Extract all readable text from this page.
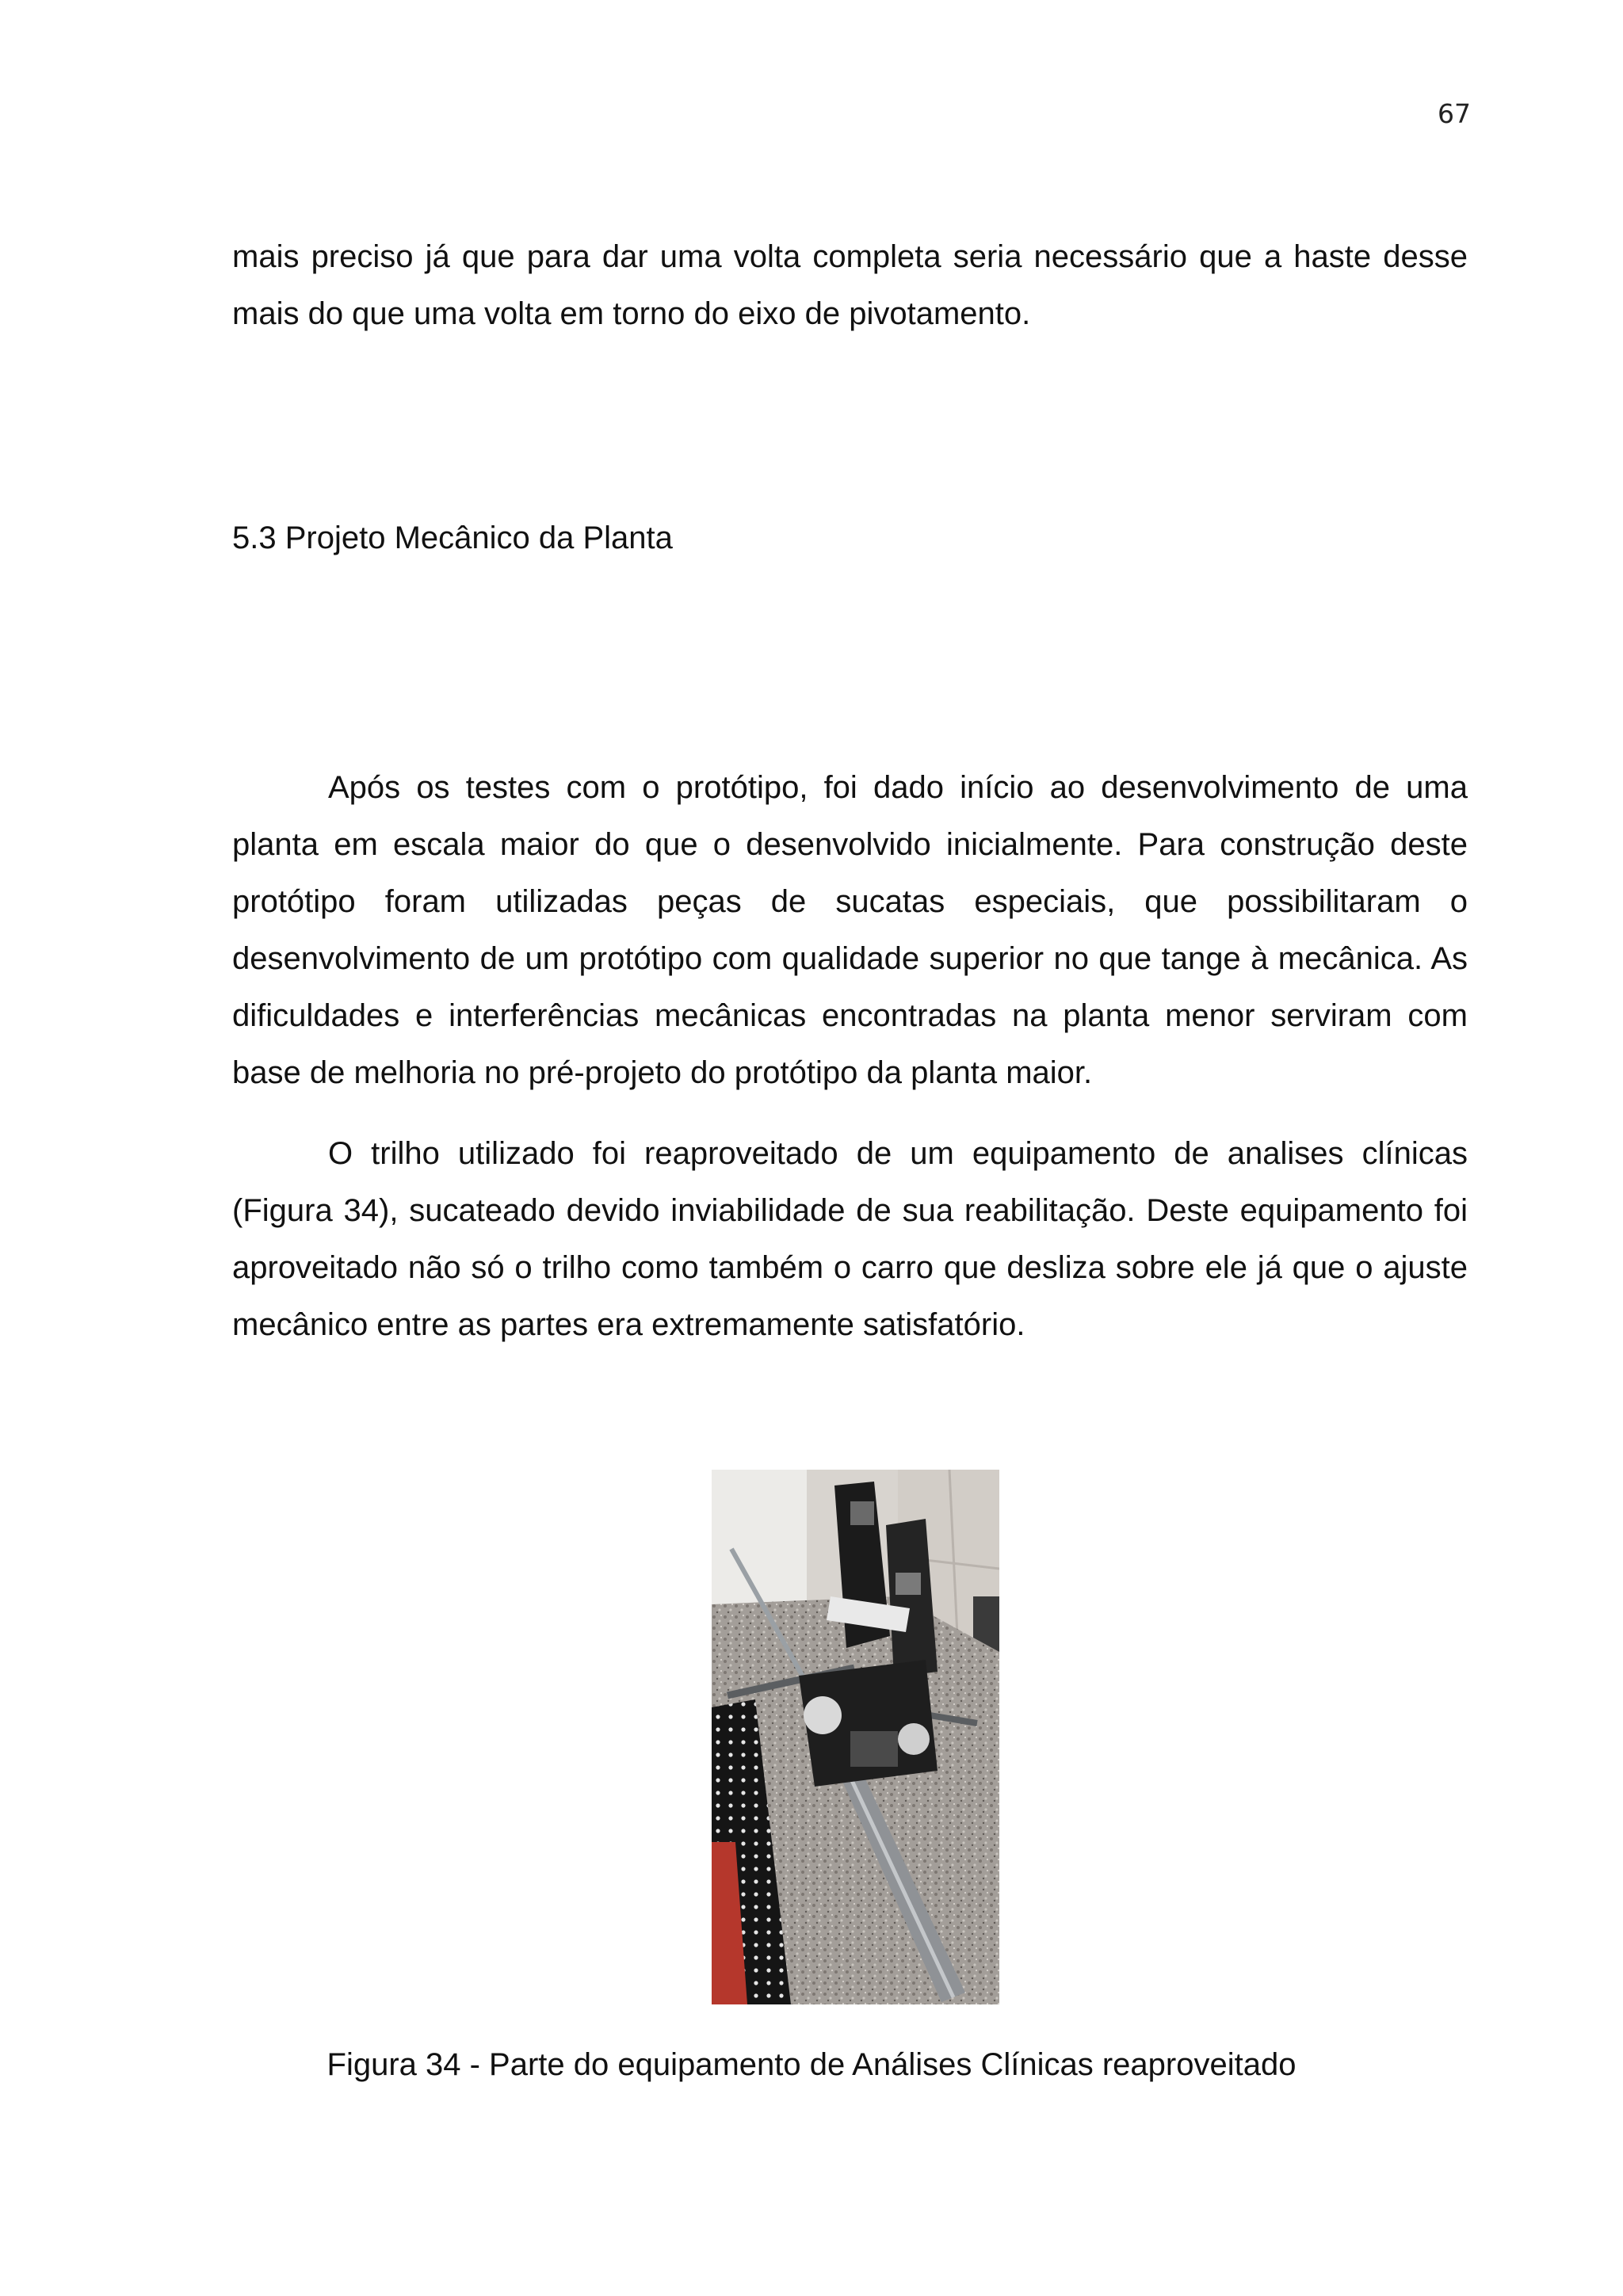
67

mais preciso já que para dar uma volta completa seria necessário que a haste desse mais do que uma volta em torno do eixo de pivotamento.

5.3 Projeto Mecânico da Planta

Após os testes com o protótipo, foi dado início ao desenvolvimento de uma planta em escala maior do que o desenvolvido inicialmente. Para construção deste protótipo foram utilizadas peças de sucatas especiais, que possibilitaram o desenvolvimento de um protótipo com qualidade superior no que tange à mecânica. As dificuldades e interferências mecânicas encontradas na planta menor serviram com base de melhoria no pré-projeto do protótipo da planta maior.

O trilho utilizado foi reaproveitado de um equipamento de analises clínicas (Figura 34), sucateado devido inviabilidade de sua reabilitação. Deste equipamento foi aproveitado não só o trilho como também o carro que desliza sobre ele já que o ajuste mecânico entre as partes era extremamente satisfatório.

Figura 34 - Parte do equipamento de Análises Clínicas reaproveitado
